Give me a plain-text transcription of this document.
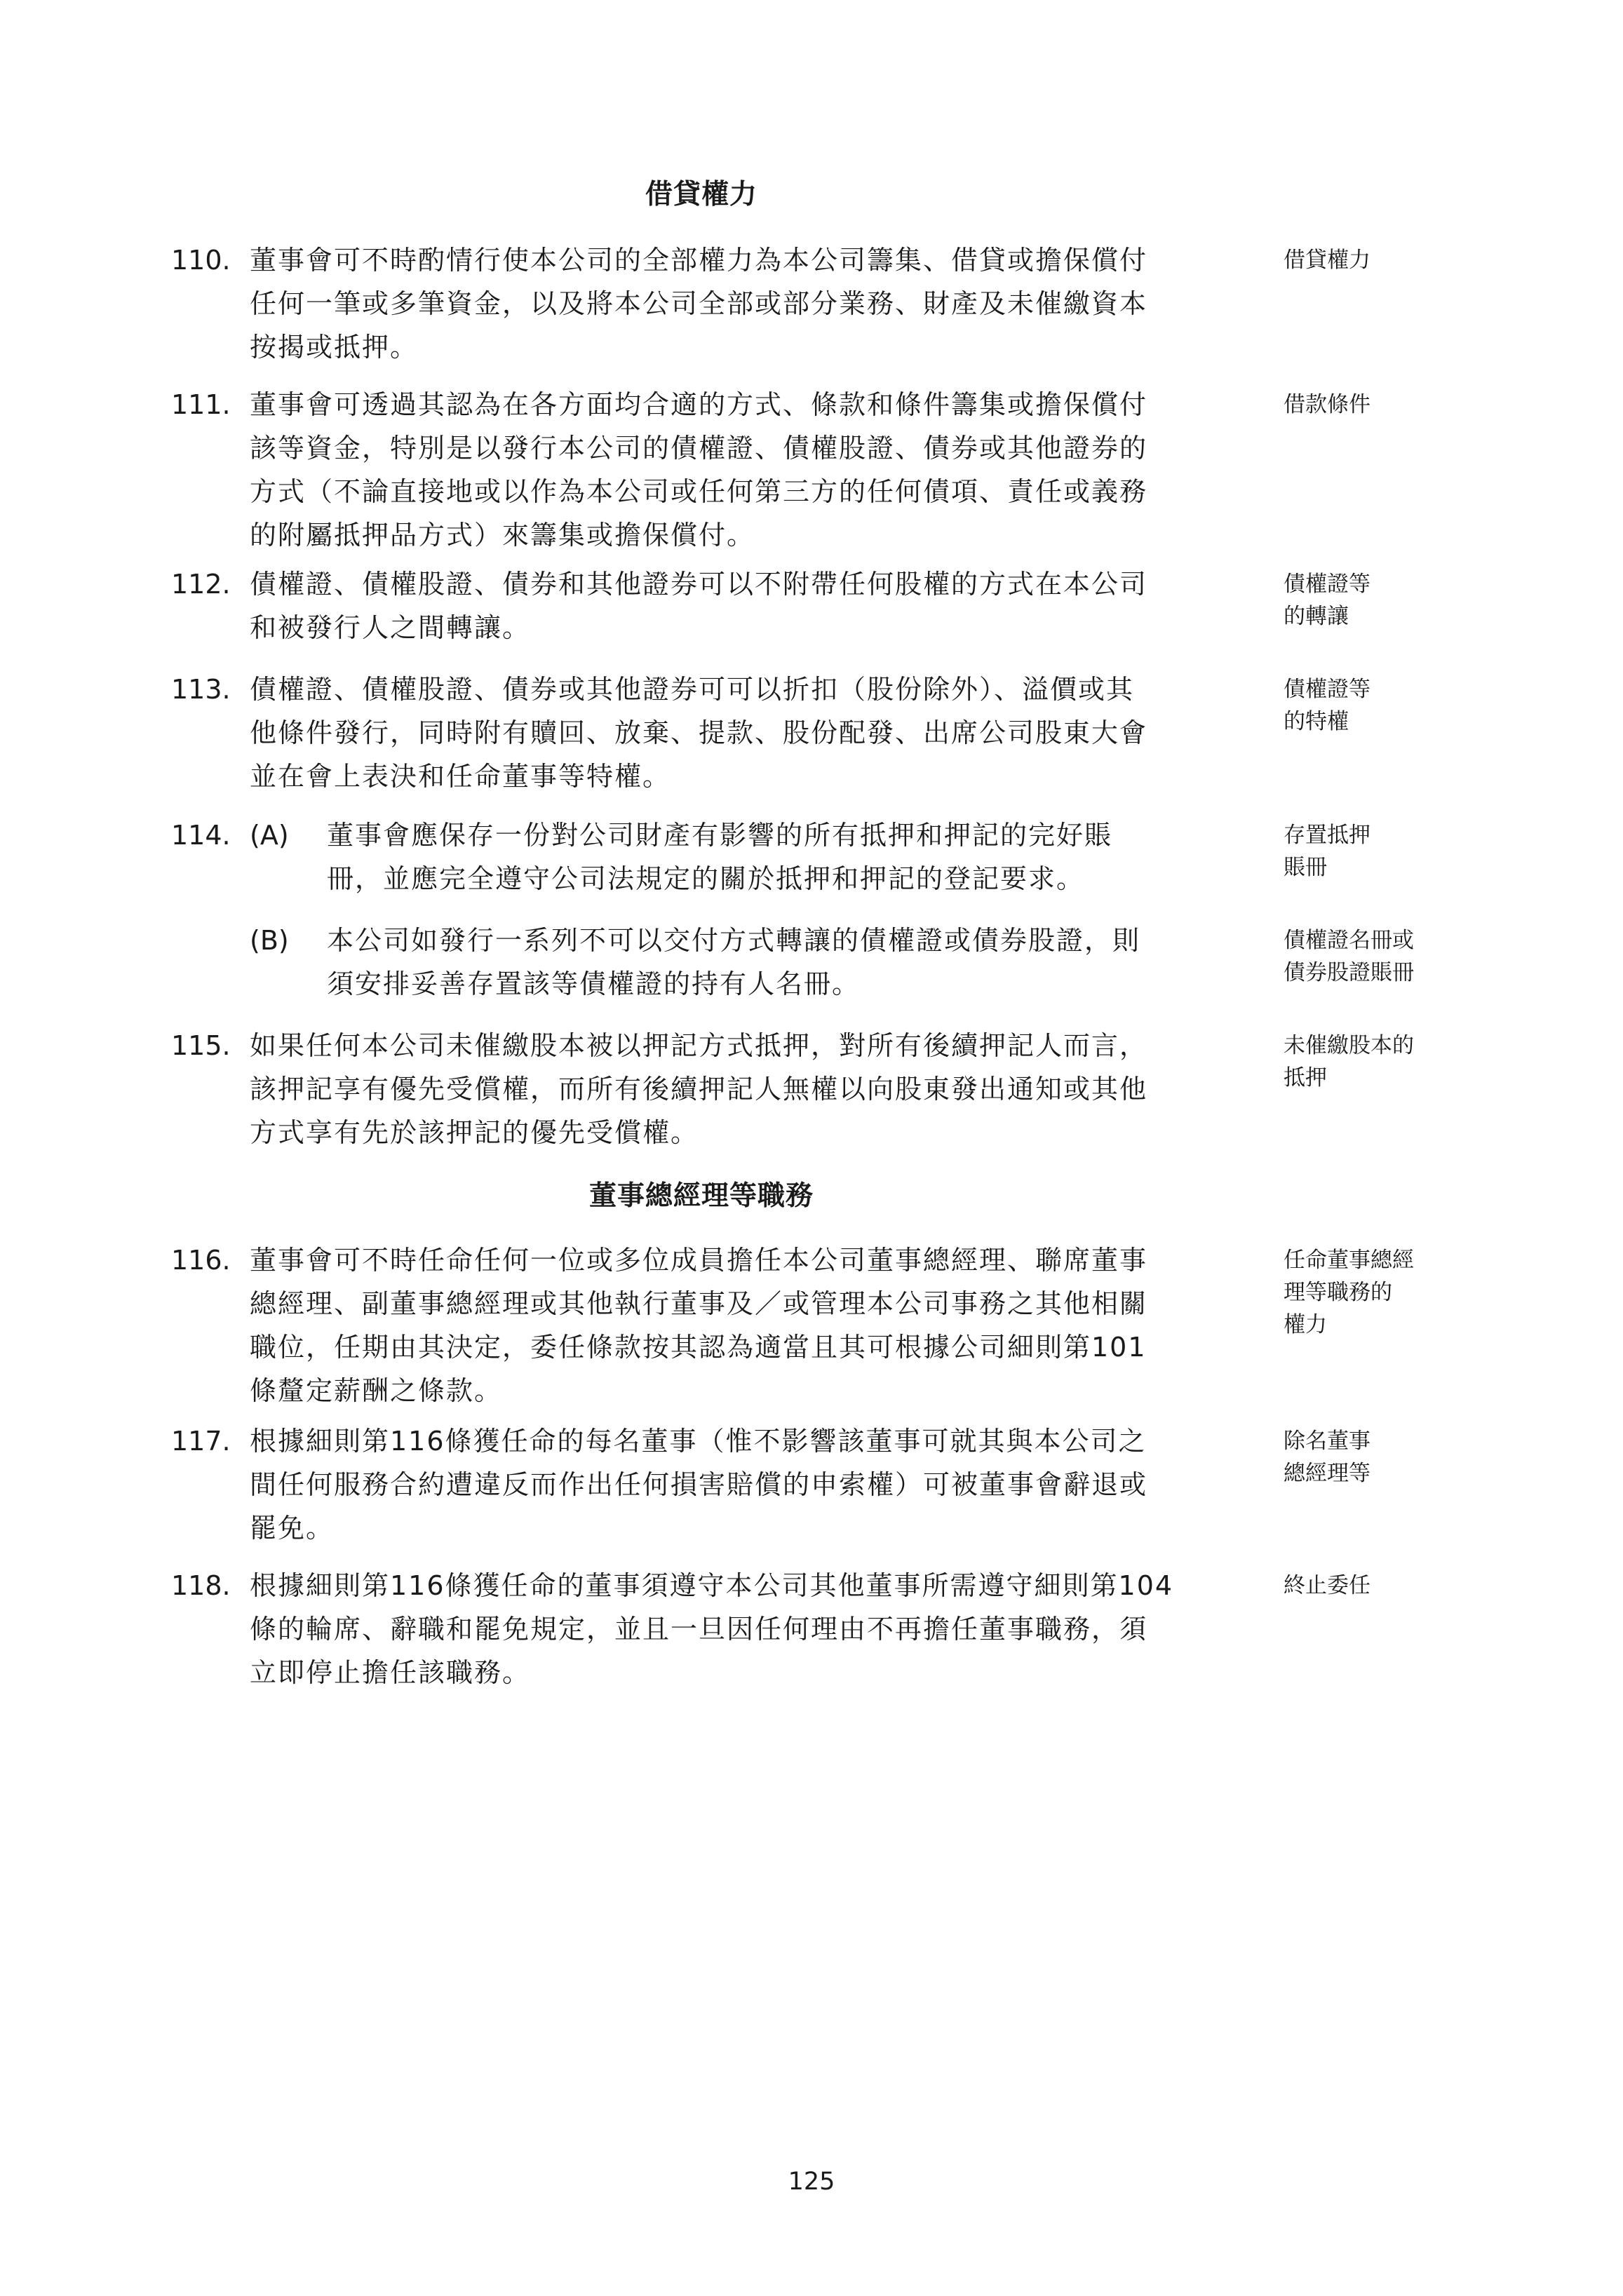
借貸權力
110. 董事會可不時酌情行使本公司的全部權力為本公司籌集、借貸或擔保償付
任何一筆或多筆資金，以及將本公司全部或部分業務、財產及未催繳資本
按揭或抵押。
借貸權力
111. 董事會可透過其認為在各方面均合適的方式、條款和條件籌集或擔保償付
該等資金，特別是以發行本公司的債權證、債權股證、債券或其他證券的
方式（不論直接地或以作為本公司或任何第三方的任何債項、責任或義務
的附屬抵押品方式）來籌集或擔保償付。
借款條件
112. 債權證、債權股證、債券和其他證券可以不附帶任何股權的方式在本公司
和被發行人之間轉讓。
債權證等
的轉讓
113. 債權證、債權股證、債券或其他證券可可以折扣（股份除外）、溢價或其
他條件發行，同時附有贖回、放棄、提款、股份配發、出席公司股東大會
並在會上表決和任命董事等特權。
債權證等
的特權
114. (A)	董事會應保存一份對公司財產有影響的所有抵押和押記的完好賬
冊，並應完全遵守公司法規定的關於抵押和押記的登記要求。
存置抵押
賬冊
(B)	本公司如發行一系列不可以交付方式轉讓的債權證或債券股證，則
須安排妥善存置該等債權證的持有人名冊。
債權證名冊或
債券股證賬冊
115. 如果任何本公司未催繳股本被以押記方式抵押，對所有後續押記人而言，
該押記享有優先受償權，而所有後續押記人無權以向股東發出通知或其他
方式享有先於該押記的優先受償權。
未催繳股本的
抵押
董事總經理等職務
116. 董事會可不時任命任何一位或多位成員擔任本公司董事總經理、聯席董事
總經理、副董事總經理或其他執行董事及／或管理本公司事務之其他相關
職位，任期由其決定，委任條款按其認為適當且其可根據公司細則第101
條釐定薪酬之條款。
任命董事總經
理等職務的
權力
117. 根據細則第116條獲任命的每名董事（惟不影響該董事可就其與本公司之
間任何服務合約遭違反而作出任何損害賠償的申索權）可被董事會辭退或
罷免。
除名董事
總經理等
118. 根據細則第116條獲任命的董事須遵守本公司其他董事所需遵守細則第104
條的輪席、辭職和罷免規定，並且一旦因任何理由不再擔任董事職務，須
立即停止擔任該職務。
終止委任
125
